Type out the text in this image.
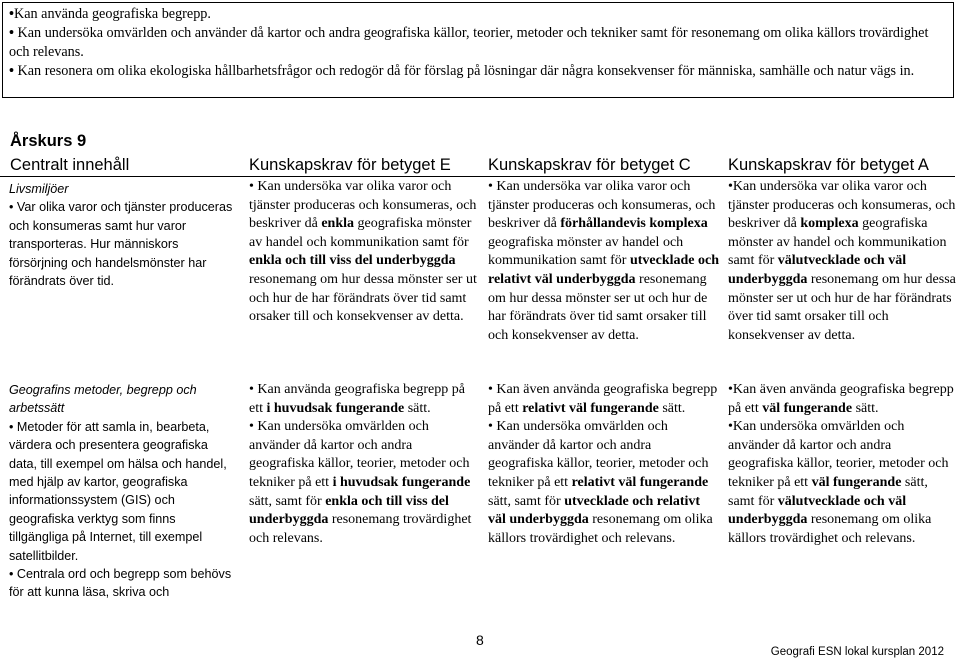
•Kan använda geografiska begrepp.

• Kan undersöka omvärlden och använder då kartor och andra geografiska källor, teorier, metoder och tekniker samt för resonemang om olika källors trovärdighet och relevans.

• Kan resonera om olika ekologiska hållbarhetsfrågor och redogör då för förslag på lösningar där några konsekvenser för människa, samhälle och natur vägs in.

Årskurs 9
Centralt innehåll	Kunskapskrav för betyget E Kunskapskrav för betyget C Kunskapskrav för betyget A
Livsmiljöer
• Var olika varor och tjänster produceras och konsumeras samt hur varor transporteras. Hur människors försörjning och handelsmönster har förändrats över tid.
Geografins metoder, begrepp och arbetssätt
• Metoder för att samla in, bearbeta, värdera och presentera geografiska data, till exempel om hälsa och handel, med hjälp av kartor, geografiska informationssystem (GIS) och geografiska verktyg som finns tillgängliga på Internet, till exempel satellitbilder.
• Centrala ord och begrepp som behövs för att kunna läsa, skriva och

• Kan undersöka var olika varor och tjänster produceras och konsumeras, och beskriver då enkla geografiska mönster av handel och kommunikation samt för enkla och till viss del underbyggda resonemang om hur dessa mönster ser ut och hur de har förändrats över tid samt orsaker till och konsekvenser av detta.

• Kan använda geografiska begrepp på ett i huvudsak fungerande sätt.

• Kan undersöka omvärlden och använder då kartor och andra geografiska källor, teorier, metoder och tekniker på ett i huvudsak fungerande sätt, samt för enkla och till viss del underbyggda resonemang trovärdighet och relevans.

• Kan undersöka var olika varor och tjänster produceras och konsumeras, och beskriver då förhållandevis komplexa geografiska mönster av handel och kommunikation samt för utvecklade och relativt väl underbyggda resonemang om hur dessa mönster ser ut och hur de har förändrats över tid samt orsaker till och konsekvenser av detta.

• Kan även använda geografiska begrepp på ett relativt väl fungerande sätt.

• Kan undersöka omvärlden och använder då kartor och andra geografiska källor, teorier, metoder och tekniker på ett relativt väl fungerande sätt, samt för utvecklade och relativt väl underbyggda resonemang om olika källors trovärdighet och relevans.

•Kan undersöka var olika varor och tjänster produceras och konsumeras, och beskriver då komplexa geografiska mönster av handel och kommunikation samt för välutvecklade och väl underbyggda resonemang om hur dessa mönster ser ut och hur de har förändrats över tid samt orsaker till och konsekvenser av detta.

•Kan även använda geografiska begrepp på ett väl fungerande sätt.

•Kan undersöka omvärlden och använder då kartor och andra geografiska källor, teorier, metoder och tekniker på ett väl fungerande sätt, samt för välutvecklade och väl underbyggda resonemang om olika källors trovärdighet och relevans.

8
Geografi ESN lokal kursplan 2012
